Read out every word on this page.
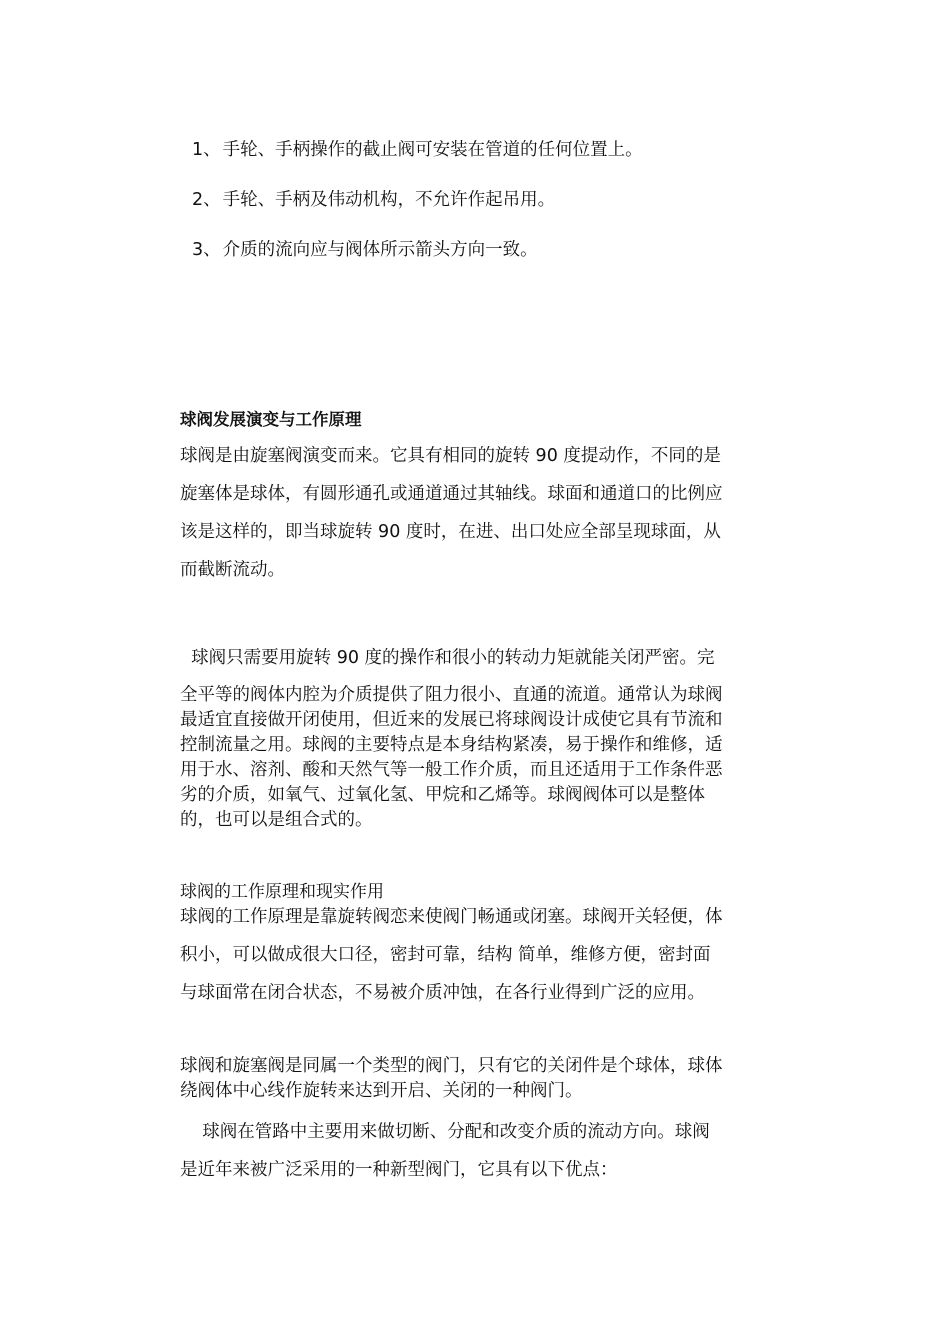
1、 手轮、手柄操作的截止阀可安装在管道的任何位置上。
2、 手轮、手柄及伟动机构，不允许作起吊用。
3、 介质的流向应与阀体所示箭头方向一致。
球阀发展演变与工作原理
球阀是由旋塞阀演变而来。它具有相同的旋转 90 度提动作，不同的是
旋塞体是球体，有圆形通孔或通道通过其轴线。球面和通道口的比例应
该是这样的，即当球旋转 90 度时，在进、出口处应全部呈现球面，从
而截断流动。
球阀只需要用旋转 90 度的操作和很小的转动力矩就能关闭严密。完
全平等的阀体内腔为介质提供了阻力很小、直通的流道。通常认为球阀
最适宜直接做开闭使用，但近来的发展已将球阀设计成使它具有节流和
控制流量之用。球阀的主要特点是本身结构紧凑，易于操作和维修，适
用于水、溶剂、酸和天然气等一般工作介质，而且还适用于工作条件恶
劣的介质，如氧气、过氧化氢、甲烷和乙烯等。球阀阀体可以是整体
的，也可以是组合式的。
球阀的工作原理和现实作用
球阀的工作原理是靠旋转阀恋来使阀门畅通或闭塞。球阀开关轻便，体
积小，可以做成很大口径，密封可靠，结构 简单，维修方便，密封面
与球面常在闭合状态，不易被介质冲蚀，在各行业得到广泛的应用。
球阀和旋塞阀是同属一个类型的阀门，只有它的关闭件是个球体，球体
绕阀体中心线作旋转来达到开启、关闭的一种阀门。
球阀在管路中主要用来做切断、分配和改变介质的流动方向。球阀
是近年来被广泛采用的一种新型阀门，它具有以下优点：
